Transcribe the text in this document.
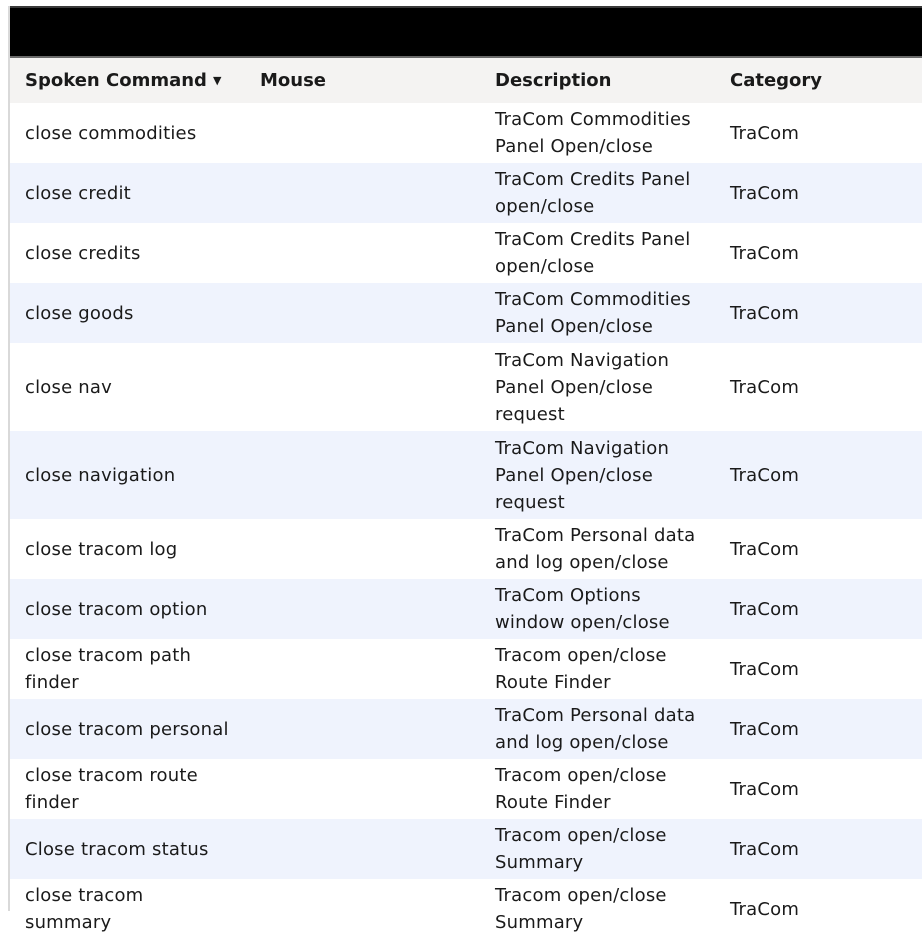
Spoken Command ▼	Mouse	Description	Category
close commodities		TraCom Commodities Panel Open/close	TraCom
close credit		TraCom Credits Panel open/close	TraCom
close credits		TraCom Credits Panel open/close	TraCom
close goods		TraCom Commodities Panel Open/close	TraCom
close nav		TraCom Navigation Panel Open/close request	TraCom
close navigation		TraCom Navigation Panel Open/close request	TraCom
close tracom log		TraCom Personal data and log open/close	TraCom
close tracom option		TraCom Options window open/close	TraCom
close tracom path finder		Tracom open/close Route Finder	TraCom
close tracom personal		TraCom Personal data and log open/close	TraCom
close tracom route finder		Tracom open/close Route Finder	TraCom
Close tracom status		Tracom open/close Summary	TraCom
close tracom summary		Tracom open/close Summary	TraCom
